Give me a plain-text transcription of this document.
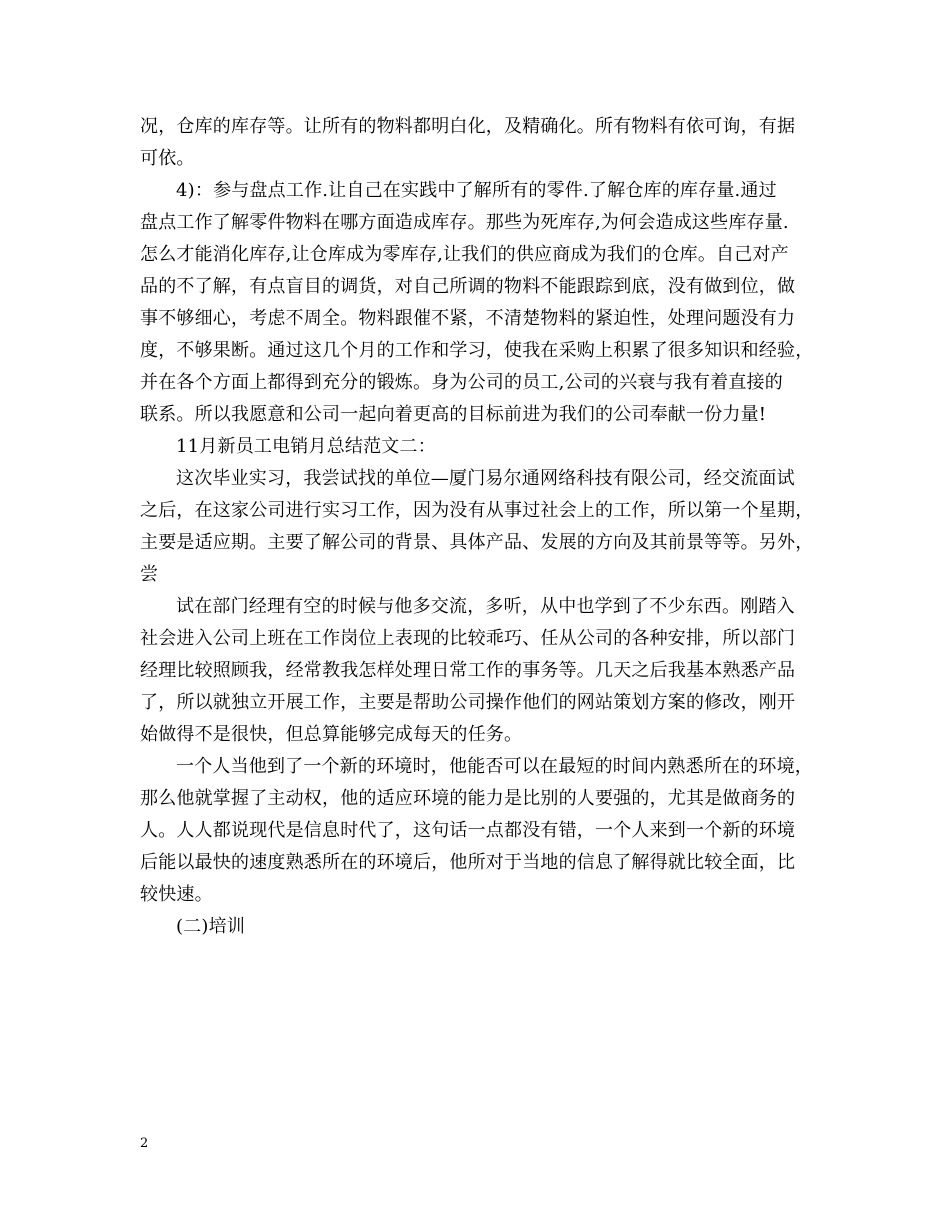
况，仓库的库存等。让所有的物料都明白化，及精确化。所有物料有依可询，有据
可依。

4)：参与盘点工作.让自己在实践中了解所有的零件.了解仓库的库存量.通过
盘点工作了解零件物料在哪方面造成库存。那些为死库存,为何会造成这些库存量.
怎么才能消化库存,让仓库成为零库存,让我们的供应商成为我们的仓库。自己对产
品的不了解，有点盲目的调货，对自己所调的物料不能跟踪到底，没有做到位，做
事不够细心，考虑不周全。物料跟催不紧，不清楚物料的紧迫性，处理问题没有力
度，不够果断。通过这几个月的工作和学习，使我在采购上积累了很多知识和经验，
并在各个方面上都得到充分的锻炼。身为公司的员工,公司的兴衰与我有着直接的
联系。所以我愿意和公司一起向着更高的目标前进为我们的公司奉献一份力量!

11月新员工电销月总结范文二：

这次毕业实习，我尝试找的单位—厦门易尔通网络科技有限公司，经交流面试
之后，在这家公司进行实习工作，因为没有从事过社会上的工作，所以第一个星期，
主要是适应期。主要了解公司的背景、具体产品、发展的方向及其前景等等。另外，
尝

试在部门经理有空的时候与他多交流，多听，从中也学到了不少东西。刚踏入
社会进入公司上班在工作岗位上表现的比较乖巧、任从公司的各种安排，所以部门
经理比较照顾我，经常教我怎样处理日常工作的事务等。几天之后我基本熟悉产品
了，所以就独立开展工作，主要是帮助公司操作他们的网站策划方案的修改，刚开
始做得不是很快，但总算能够完成每天的任务。

一个人当他到了一个新的环境时，他能否可以在最短的时间内熟悉所在的环境，
那么他就掌握了主动权，他的适应环境的能力是比别的人要强的，尤其是做商务的
人。人人都说现代是信息时代了，这句话一点都没有错，一个人来到一个新的环境
后能以最快的速度熟悉所在的环境后，他所对于当地的信息了解得就比较全面，比
较快速。

(二)培训

2
